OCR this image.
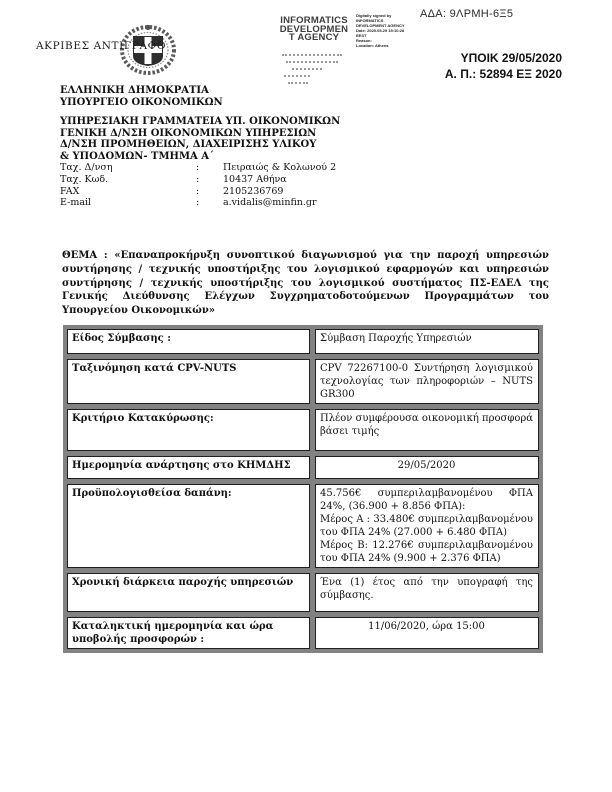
ΑΔΑ: 9ΛΡΜΗ-6Ξ5
ΑΚΡΙΒΕΣ ΑΝΤΙΓΡΑΦΟ
INFORMATICS
DEVELOPMEN
T AGENCY
Digitally signed by
INFORMATICS
DEVELOPMENT AGENCY
Date: 2020.05.29 15:10:28
EEST
Reason:
Location: Athens
ΥΠΟΙΚ 29/05/2020
Α. Π.: 52894 ΕΞ 2020
ΕΛΛΗΝΙΚΗ ΔΗΜΟΚΡΑΤΙΑ
ΥΠΟΥΡΓΕΙΟ ΟΙΚΟΝΟΜΙΚΩΝ
ΥΠΗΡΕΣΙΑΚΗ ΓΡΑΜΜΑΤΕΙΑ ΥΠ. ΟΙΚΟΝΟΜΙΚΩΝ
ΓΕΝΙΚΗ Δ/ΝΣΗ ΟΙΚΟΝΟΜΙΚΩΝ ΥΠΗΡΕΣΙΩΝ
Δ/ΝΣΗ ΠΡΟΜΗΘΕΙΩΝ, ΔΙΑΧΕΙΡΙΣΗΣ ΥΛΙΚΟΥ
& ΥΠΟΔΟΜΩΝ- ΤΜΗΜΑ Α΄
Ταχ. Δ/νση	:	Πειραιώς & Κολωνού 2
Ταχ. Κωδ.	:	10437 Αθήνα
FAX	:	2105236769
E-mail	:	a.vidalis@minfin.gr
ΘΕΜΑ : «Επαναπροκήρυξη συνοπτικού διαγωνισμού για την παροχή υπηρεσιών συντήρησης / τεχνικής υποστήριξης του λογισμικού εφαρμογών και υπηρεσιών συντήρησης / τεχνικής υποστήριξης του λογισμικού συστήματος ΠΣ-ΕΔΕΛ της Γενικής Διεύθυνσης Ελέγχων Συγχρηματοδοτούμενων Προγραμμάτων του Υπουργείου Οικονομικών»
Είδος Σύμβασης :	Σύμβαση Παροχής Υπηρεσιών
Ταξινόμηση κατά CPV-NUTS	CPV 72267100-0 Συντήρηση λογισμικού τεχνολογίας των πληροφοριών – NUTS GR300
Κριτήριο Κατακύρωσης:	Πλέον συμφέρουσα οικονομική προσφορά βάσει τιμής
Ημερομηνία ανάρτησης στο ΚΗΜΔΗΣ	29/05/2020
Προϋπολογισθείσα δαπάνη:	45.756€ συμπεριλαμβανομένου ΦΠΑ 24%, (36.900 + 8.856 ΦΠΑ):
Μέρος Α : 33.480€ συμπεριλαμβανομένου του ΦΠΑ 24% (27.000 + 6.480 ΦΠΑ)
Μέρος Β: 12.276€ συμπεριλαμβανομένου του ΦΠΑ 24% (9.900 + 2.376 ΦΠΑ)
Χρονική διάρκεια παροχής υπηρεσιών	Ένα (1) έτος από την υπογραφή της σύμβασης.
Καταληκτική ημερομηνία και ώρα υποβολής προσφορών :
11/06/2020, ώρα 15:00
